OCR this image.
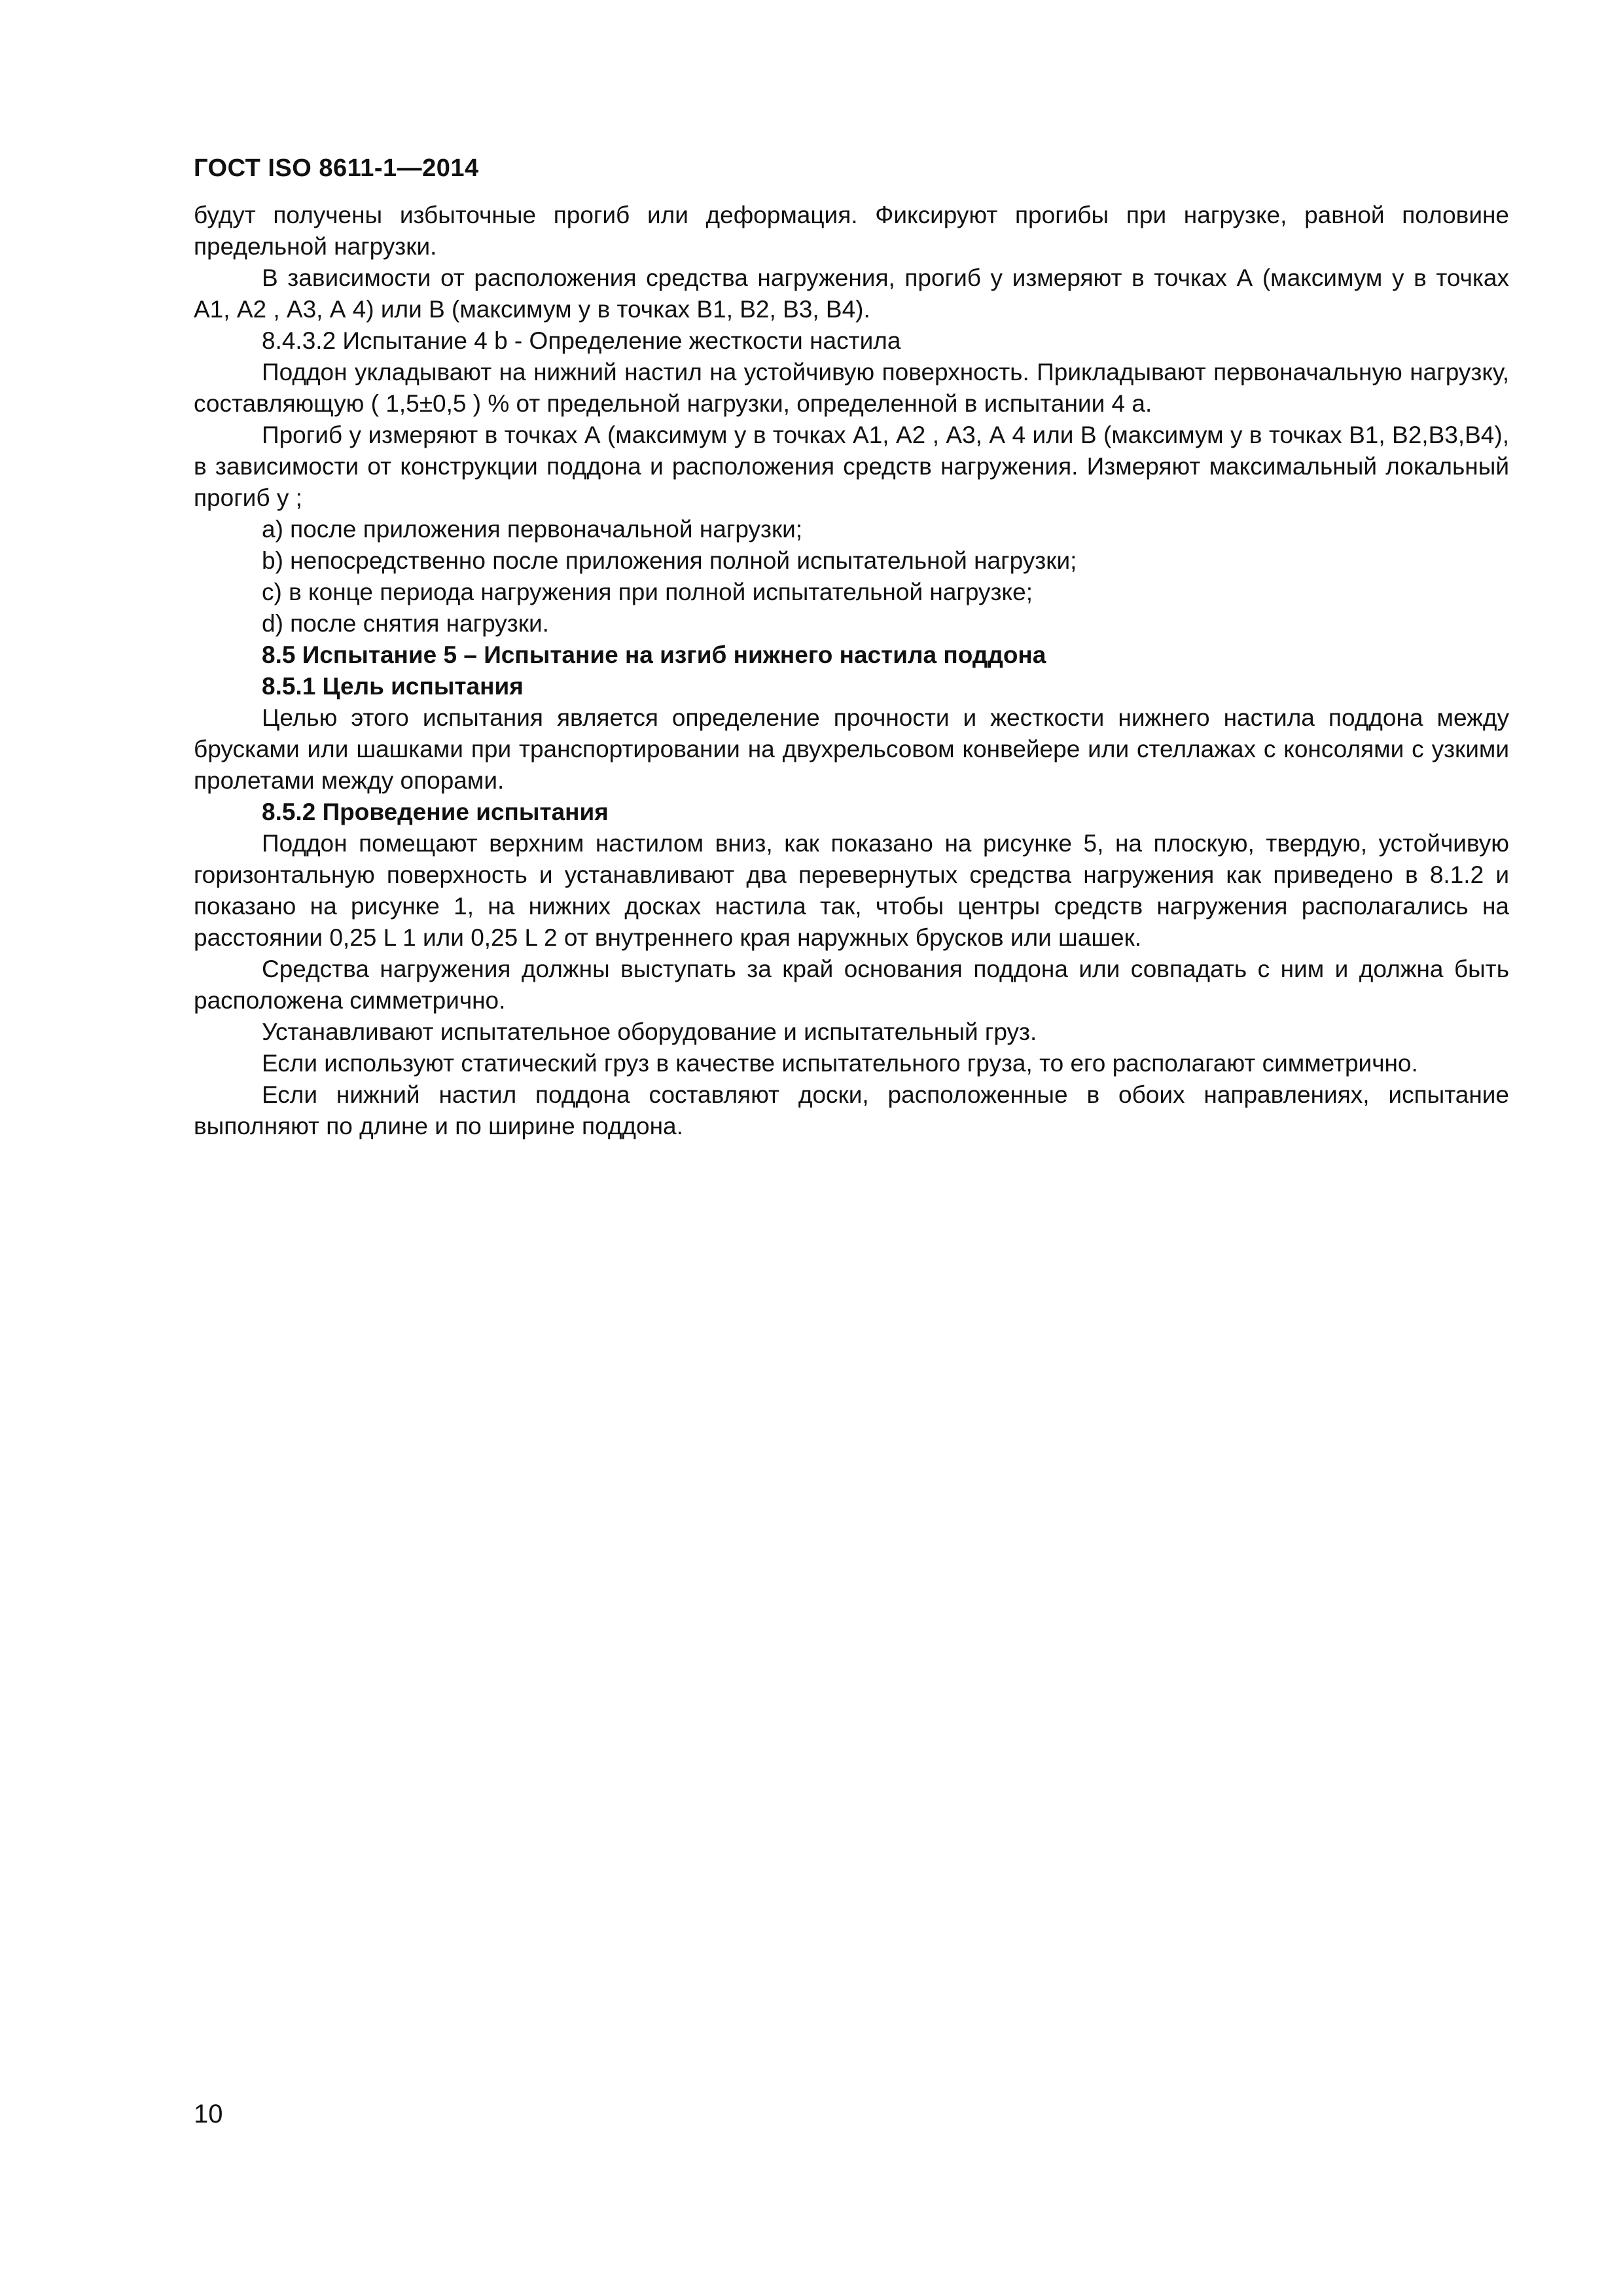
ГОСТ ISO 8611-1—2014

будут получены избыточные прогиб или деформация. Фиксируют прогибы при нагрузке, равной половине предельной нагрузки.

В зависимости от расположения средства нагружения, прогиб y измеряют в точках А (максимум y в точках А1, А2 , А3, А 4) или В (максимум y в точках В1, В2, В3, В4).

8.4.3.2 Испытание 4 b - Определение жесткости настила

Поддон укладывают на нижний настил на устойчивую поверхность. Прикладывают первоначальную нагрузку, составляющую ( 1,5±0,5 ) % от предельной нагрузки, определенной в испытании 4 а.

Прогиб y измеряют в точках А (максимум y в точках А1, А2 , А3, А 4 или В (максимум y в точках В1, В2,В3,В4), в зависимости от конструкции поддона и расположения средств нагружения. Измеряют максимальный локальный прогиб y ;

а) после приложения первоначальной нагрузки;

b) непосредственно после приложения полной испытательной нагрузки;

с) в конце периода нагружения при полной испытательной нагрузке;

d) после снятия нагрузки.

8.5 Испытание 5 – Испытание на изгиб нижнего настила поддона

8.5.1 Цель испытания

Целью этого испытания является определение прочности и жесткости нижнего настила поддона между брусками или шашками при транспортировании на двухрельсовом конвейере или стеллажах с консолями с узкими пролетами между опорами.

8.5.2 Проведение испытания

Поддон помещают верхним настилом вниз, как показано на рисунке 5, на плоскую, твердую, устойчивую горизонтальную поверхность и устанавливают два перевернутых средства нагружения как приведено в 8.1.2 и показано на рисунке 1, на нижних досках настила так, чтобы центры средств нагружения располагались на расстоянии 0,25 L 1 или 0,25 L 2 от внутреннего края наружных брусков или шашек.

Средства нагружения должны выступать за край основания поддона или совпадать с ним и должна быть расположена симметрично.

Устанавливают испытательное оборудование и испытательный груз.

Если используют статический груз в качестве испытательного груза, то его располагают симметрично.

Если нижний настил поддона составляют доски, расположенные в обоих направлениях, испытание выполняют по длине и по ширине поддона.

10
